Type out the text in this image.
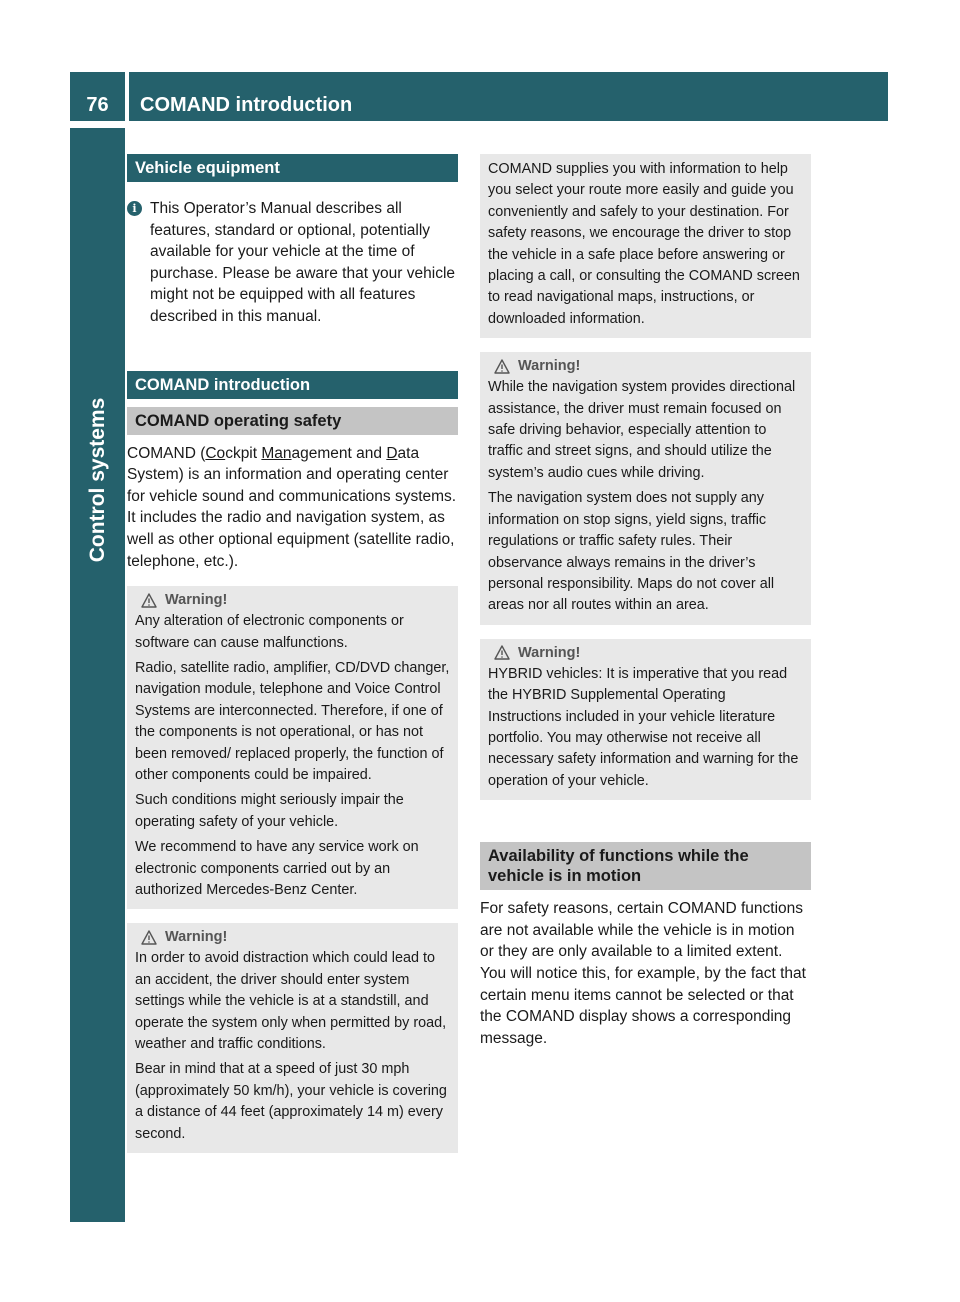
76	COMAND introduction
Control systems
Vehicle equipment
i This Operator’s Manual describes all features, standard or optional, potentially available for your vehicle at the time of purchase. Please be aware that your vehicle might not be equipped with all features described in this manual.

COMAND introduction
COMAND operating safety

COMAND (Cockpit Management and Data System) is an information and operating center for vehicle sound and communications systems. It includes the radio and navigation system, as well as other optional equipment (satellite radio, telephone, etc.).

Warning!

Any alteration of electronic components or software can cause malfunctions.

Radio, satellite radio, amplifier, CD/DVD changer, navigation module, telephone and Voice Control Systems are interconnected. Therefore, if one of the components is not operational, or has not been removed/ replaced properly, the function of other components could be impaired.

Such conditions might seriously impair the operating safety of your vehicle.

We recommend to have any service work on electronic components carried out by an authorized Mercedes-Benz Center.

Warning!

In order to avoid distraction which could lead to an accident, the driver should enter system settings while the vehicle is at a standstill, and operate the system only when permitted by road, weather and traffic conditions.

Bear in mind that at a speed of just 30 mph (approximately 50 km/h), your vehicle is covering a distance of 44 feet (approximately 14 m) every second.

COMAND supplies you with information to help you select your route more easily and guide you conveniently and safely to your destination. For safety reasons, we encourage the driver to stop the vehicle in a safe place before answering or placing a call, or consulting the COMAND screen to read navigational maps, instructions, or downloaded information.

Warning!

While the navigation system provides directional assistance, the driver must remain focused on safe driving behavior, especially attention to traffic and street signs, and should utilize the system’s audio cues while driving.

The navigation system does not supply any information on stop signs, yield signs, traffic regulations or traffic safety rules. Their observance always remains in the driver’s personal responsibility. Maps do not cover all areas nor all routes within an area.

Warning!

HYBRID vehicles: It is imperative that you read the HYBRID Supplemental Operating Instructions included in your vehicle literature portfolio. You may otherwise not receive all necessary safety information and warning for the operation of your vehicle.

Availability of functions while the vehicle is in motion

For safety reasons, certain COMAND functions are not available while the vehicle is in motion or they are only available to a limited extent. You will notice this, for example, by the fact that certain menu items cannot be selected or that the COMAND display shows a corresponding message.
